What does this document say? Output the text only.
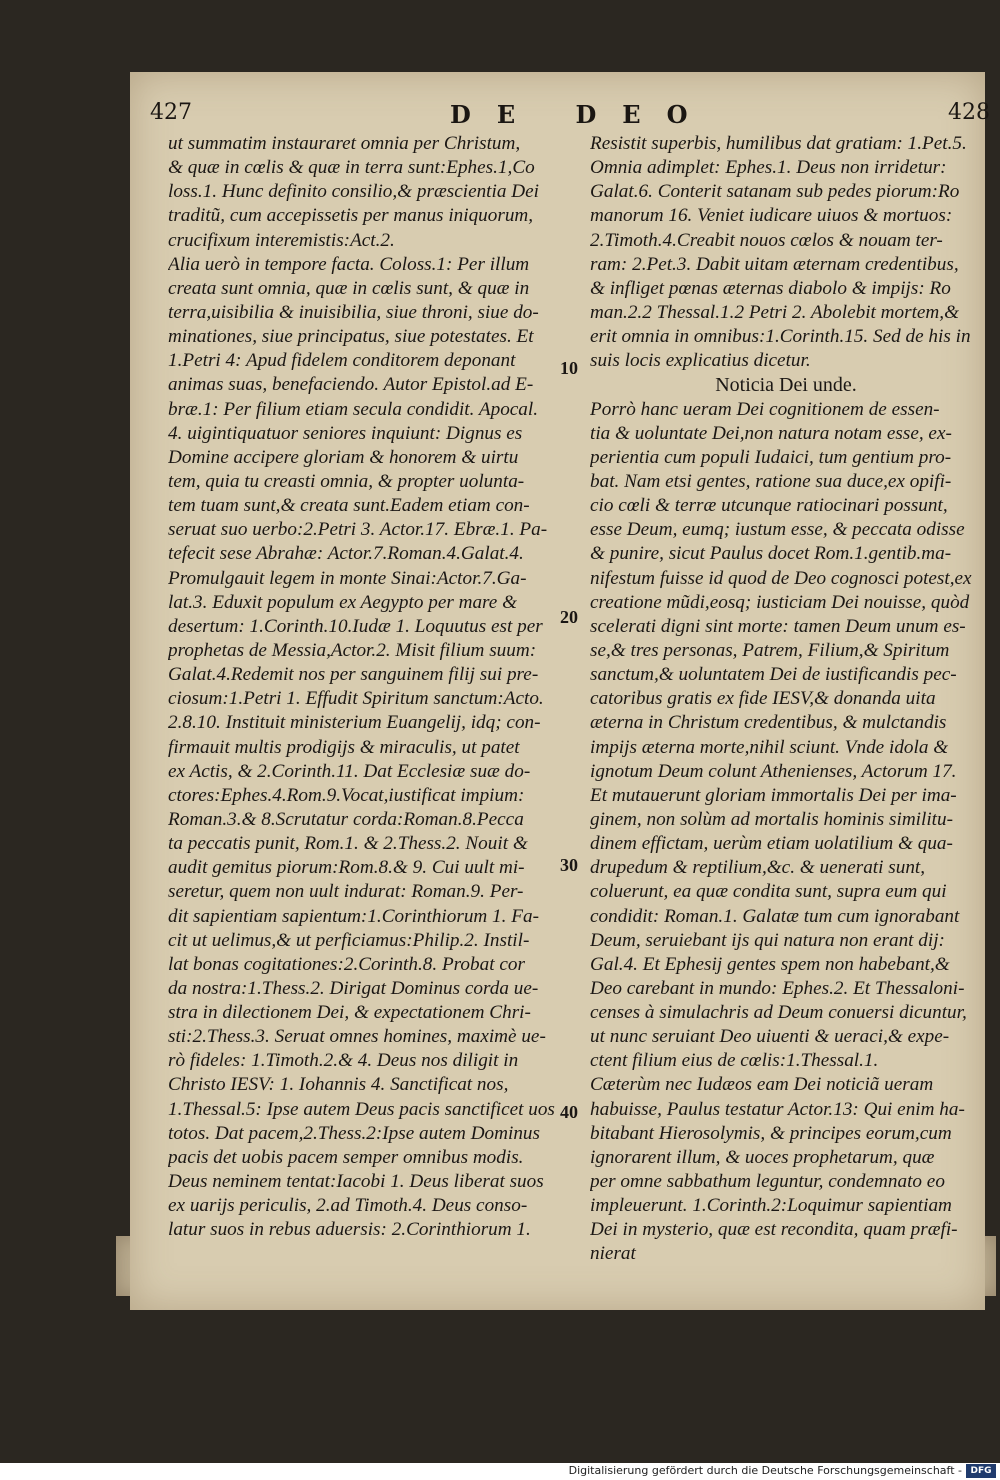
427	DE DEO	428
ut summatim instauraret omnia per Christum,
& quæ in cœlis & quæ in terra sunt:Ephes.1,Co
loss.1. Hunc definito consilio,& præscientia Dei
traditũ, cum accepissetis per manus iniquorum,
crucifixum interemistis:Act.2.
Alia uerò in tempore facta. Coloss.1: Per illum
creata sunt omnia, quæ in cœlis sunt, & quæ in
terra,uisibilia & inuisibilia, siue throni, siue do-
minationes, siue principatus, siue potestates. Et
1.Petri 4: Apud fidelem conditorem deponant
animas suas, benefaciendo. Autor Epistol.ad E-
bræ.1: Per filium etiam secula condidit. Apocal.
4. uigintiquatuor seniores inquiunt: Dignus es
Domine accipere gloriam & honorem & uirtu
tem, quia tu creasti omnia, & propter uolunta-
tem tuam sunt,& creata sunt.Eadem etiam con-
seruat suo uerbo:2.Petri 3. Actor.17. Ebræ.1. Pa-
tefecit sese Abrahæ: Actor.7.Roman.4.Galat.4.
Promulgauit legem in monte Sinai:Actor.7.Ga-
lat.3. Eduxit populum ex Aegypto per mare &
desertum: 1.Corinth.10.Iudæ 1. Loquutus est per
prophetas de Messia,Actor.2. Misit filium suum:
Galat.4.Redemit nos per sanguinem filij sui pre-
ciosum:1.Petri 1. Effudit Spiritum sanctum:Acto.
2.8.10. Instituit ministerium Euangelij, idq; con-
firmauit multis prodigijs & miraculis, ut patet
ex Actis, & 2.Corinth.11. Dat Ecclesiæ suæ do-
ctores:Ephes.4.Rom.9.Vocat,iustificat impium:
Roman.3.& 8.Scrutatur corda:Roman.8.Pecca
ta peccatis punit, Rom.1. & 2.Thess.2. Nouit &
audit gemitus piorum:Rom.8.& 9. Cui uult mi-
seretur, quem non uult indurat: Roman.9. Per-
dit sapientiam sapientum:1.Corinthiorum 1. Fa-
cit ut uelimus,& ut perficiamus:Philip.2. Instil-
lat bonas cogitationes:2.Corinth.8. Probat cor
da nostra:1.Thess.2. Dirigat Dominus corda ue-
stra in dilectionem Dei, & expectationem Chri-
sti:2.Thess.3. Seruat omnes homines, maximè ue-
rò fideles: 1.Timoth.2.& 4. Deus nos diligit in
Christo IESV: 1. Iohannis 4. Sanctificat nos,
1.Thessal.5: Ipse autem Deus pacis sanctificet uos
totos. Dat pacem,2.Thess.2:Ipse autem Dominus
pacis det uobis pacem semper omnibus modis.
Deus neminem tentat:Iacobi 1. Deus liberat suos
ex uarijs periculis, 2.ad Timoth.4. Deus conso-
latur suos in rebus aduersis: 2.Corinthiorum 1.
Resistit superbis, humilibus dat gratiam: 1.Pet.5.
Omnia adimplet: Ephes.1. Deus non irridetur:
Galat.6. Conterit satanam sub pedes piorum:Ro
manorum 16. Veniet iudicare uiuos & mortuos:
2.Timoth.4.Creabit nouos cœlos & nouam ter-
ram: 2.Pet.3. Dabit uitam æternam credentibus,
& infliget pœnas æternas diabolo & impijs: Ro
man.2.2 Thessal.1.2 Petri 2. Abolebit mortem,&
erit omnia in omnibus:1.Corinth.15. Sed de his in
suis locis explicatius dicetur.
Noticia Dei unde.
Porrò hanc ueram Dei cognitionem de essen-
tia & uoluntate Dei,non natura notam esse, ex-
perientia cum populi Iudaici, tum gentium pro-
bat. Nam etsi gentes, ratione sua duce,ex opifi-
cio cœli & terræ utcunque ratiocinari possunt,
esse Deum, eumq; iustum esse, & peccata odisse
& punire, sicut Paulus docet Rom.1.gentib.ma-
nifestum fuisse id quod de Deo cognosci potest,ex
creatione mũdi,eosq; iusticiam Dei nouisse, quòd
scelerati digni sint morte: tamen Deum unum es-
se,& tres personas, Patrem, Filium,& Spiritum
sanctum,& uoluntatem Dei de iustificandis pec-
catoribus gratis ex fide IESV,& donanda uita
æterna in Christum credentibus, & mulctandis
impijs æterna morte,nihil sciunt. Vnde idola &
ignotum Deum colunt Athenienses, Actorum 17.
Et mutauerunt gloriam immortalis Dei per ima-
ginem, non solùm ad mortalis hominis similitu-
dinem effictam, uerùm etiam uolatilium & qua-
drupedum & reptilium,&c. & uenerati sunt,
coluerunt, ea quæ condita sunt, supra eum qui
condidit: Roman.1. Galatæ tum cum ignorabant
Deum, seruiebant ijs qui natura non erant dij:
Gal.4. Et Ephesij gentes spem non habebant,&
Deo carebant in mundo: Ephes.2. Et Thessaloni-
censes à simulachris ad Deum conuersi dicuntur,
ut nunc seruiant Deo uiuenti & ueraci,& expe-
ctent filium eius de cœlis:1.Thessal.1.
Cæterùm nec Iudæos eam Dei noticiã ueram
habuisse, Paulus testatur Actor.13: Qui enim ha-
bitabant Hierosolymis, & principes eorum,cum
ignorarent illum, & uoces prophetarum, quæ
per omne sabbathum leguntur, condemnato eo
impleuerunt. 1.Corinth.2:Loquimur sapientiam
Dei in mysterio, quæ est recondita, quam præfi-
nierat
10
20
30
40
Digitalisierung gefördert durch die Deutsche Forschungsgemeinschaft - DFG
